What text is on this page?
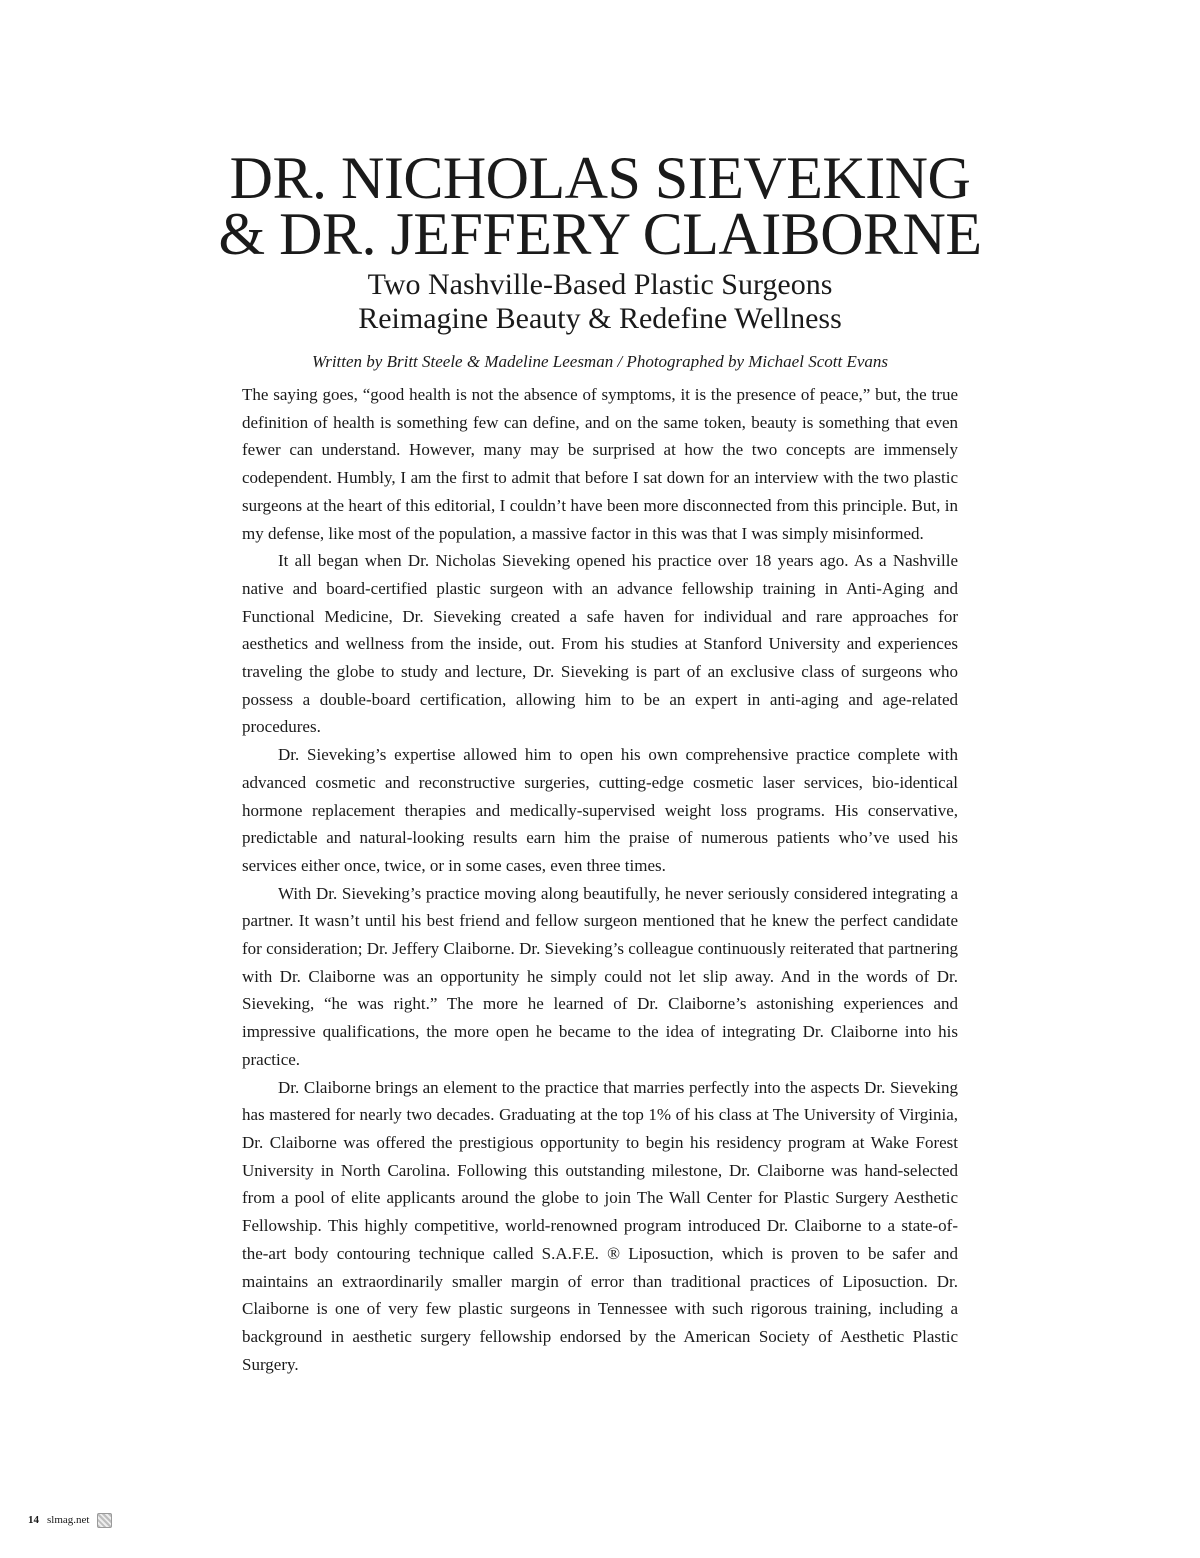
DR. NICHOLAS SIEVEKING
& DR. JEFFERY CLAIBORNE
Two Nashville-Based Plastic Surgeons
Reimagine Beauty & Redefine Wellness
Written by Britt Steele & Madeline Leesman / Photographed by Michael Scott Evans

The saying goes, “good health is not the absence of symptoms, it is the presence of peace,” but, the true definition of health is something few can define, and on the same token, beauty is something that even fewer can understand. However, many may be surprised at how the two concepts are immensely codependent. Humbly, I am the first to admit that before I sat down for an interview with the two plastic surgeons at the heart of this editorial, I couldn’t have been more disconnected from this principle. But, in my defense, like most of the population, a massive factor in this was that I was simply misinformed.

It all began when Dr. Nicholas Sieveking opened his practice over 18 years ago. As a Nashville native and board-certified plastic surgeon with an advance fellowship training in Anti-Aging and Functional Medicine, Dr. Sieveking created a safe haven for individual and rare approaches for aesthetics and wellness from the inside, out. From his studies at Stanford University and experiences traveling the globe to study and lecture, Dr. Sieveking is part of an exclusive class of surgeons who possess a double-board certification, allowing him to be an expert in anti-aging and age-related procedures.

Dr. Sieveking’s expertise allowed him to open his own comprehensive practice complete with advanced cosmetic and reconstructive surgeries, cutting-edge cosmetic laser services, bio-identical hormone replacement therapies and medically-supervised weight loss programs. His conservative, predictable and natural-looking results earn him the praise of numerous patients who’ve used his services either once, twice, or in some cases, even three times.

With Dr. Sieveking’s practice moving along beautifully, he never seriously considered integrating a partner. It wasn’t until his best friend and fellow surgeon mentioned that he knew the perfect candidate for consideration; Dr. Jeffery Claiborne. Dr. Sieveking’s colleague continuously reiterated that partnering with Dr. Claiborne was an opportunity he simply could not let slip away. And in the words of Dr. Sieveking, “he was right.” The more he learned of Dr. Claiborne’s astonishing experiences and impressive qualifications, the more open he became to the idea of integrating Dr. Claiborne into his practice.

Dr. Claiborne brings an element to the practice that marries perfectly into the aspects Dr. Sieveking has mastered for nearly two decades. Graduating at the top 1% of his class at The University of Virginia, Dr. Claiborne was offered the prestigious opportunity to begin his residency program at Wake Forest University in North Carolina. Following this outstanding milestone, Dr. Claiborne was hand-selected from a pool of elite applicants around the globe to join The Wall Center for Plastic Surgery Aesthetic Fellowship. This highly competitive, world-renowned program introduced Dr. Claiborne to a state-of-the-art body contouring technique called S.A.F.E. ® Liposuction, which is proven to be safer and maintains an extraordinarily smaller margin of error than traditional practices of Liposuction. Dr. Claiborne is one of very few plastic surgeons in Tennessee with such rigorous training, including a background in aesthetic surgery fellowship endorsed by the American Society of Aesthetic Plastic Surgery.

14 slmag.net
